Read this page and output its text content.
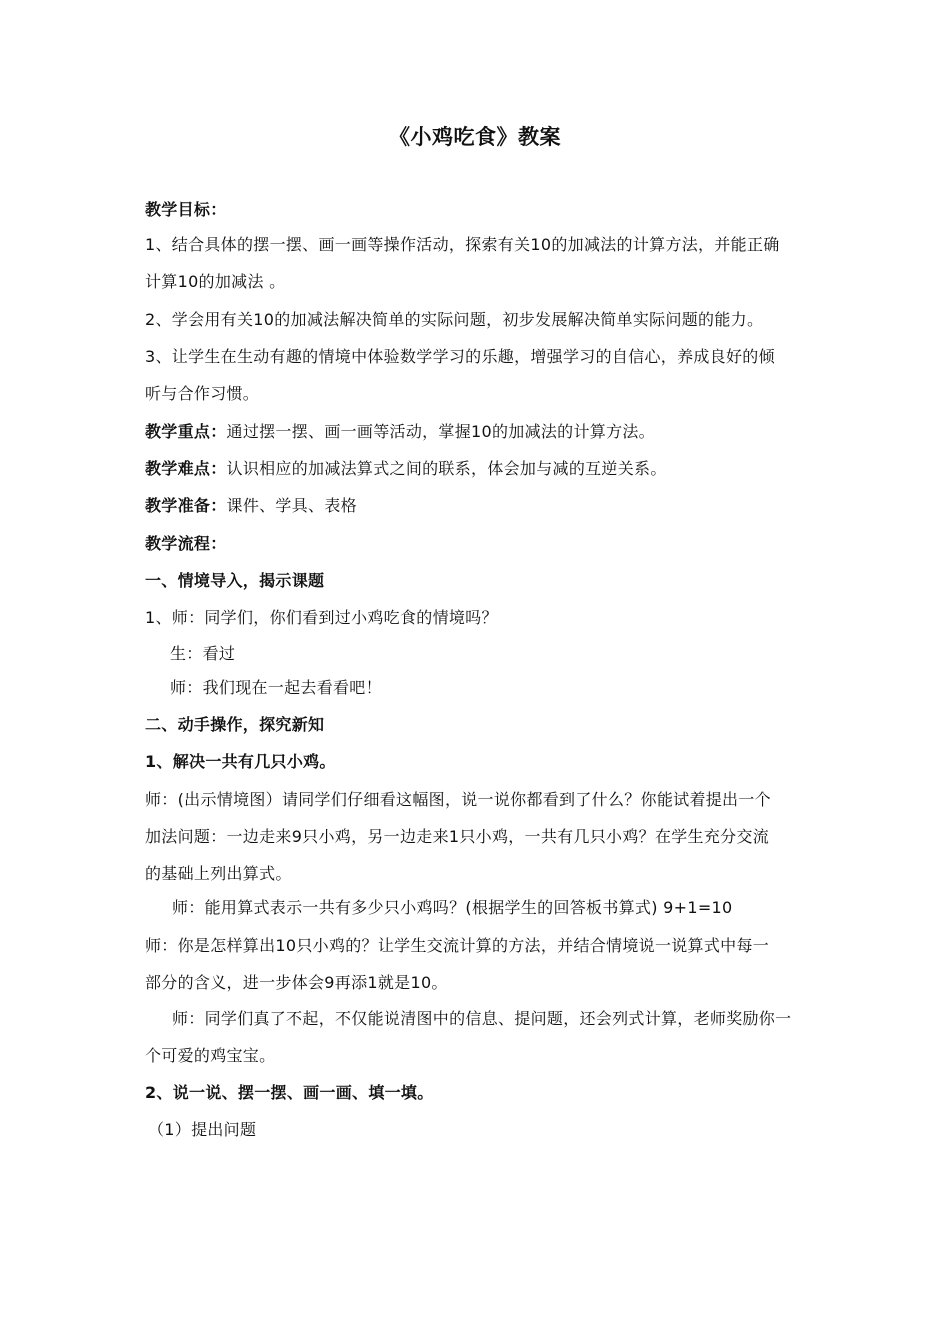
《小鸡吃食》教案
教学目标：
1、结合具体的摆一摆、画一画等操作活动，探索有关10的加减法的计算方法，并能正确
计算10的加减法 。
2、学会用有关10的加减法解决简单的实际问题，初步发展解决简单实际问题的能力。
3、让学生在生动有趣的情境中体验数学学习的乐趣，增强学习的自信心，养成良好的倾
听与合作习惯。
教学重点：通过摆一摆、画一画等活动，掌握10的加减法的计算方法。
教学难点：认识相应的加减法算式之间的联系，体会加与减的互逆关系。
教学准备：课件、学具、表格
教学流程：
一、情境导入，揭示课题
1、师：同学们，你们看到过小鸡吃食的情境吗？
生：看过
师：我们现在一起去看看吧！
二、动手操作，探究新知
1、解决一共有几只小鸡。
师：(出示情境图）请同学们仔细看这幅图，说一说你都看到了什么？你能试着提出一个
加法问题：一边走来9只小鸡，另一边走来1只小鸡，一共有几只小鸡？在学生充分交流
的基础上列出算式。
师：能用算式表示一共有多少只小鸡吗？(根据学生的回答板书算式) 9+1=10
师：你是怎样算出10只小鸡的？让学生交流计算的方法，并结合情境说一说算式中每一
部分的含义，进一步体会9再添1就是10。
师：同学们真了不起，不仅能说清图中的信息、提问题，还会列式计算，老师奖励你一
个可爱的鸡宝宝。
2、说一说、摆一摆、画一画、填一填。
（1）提出问题
